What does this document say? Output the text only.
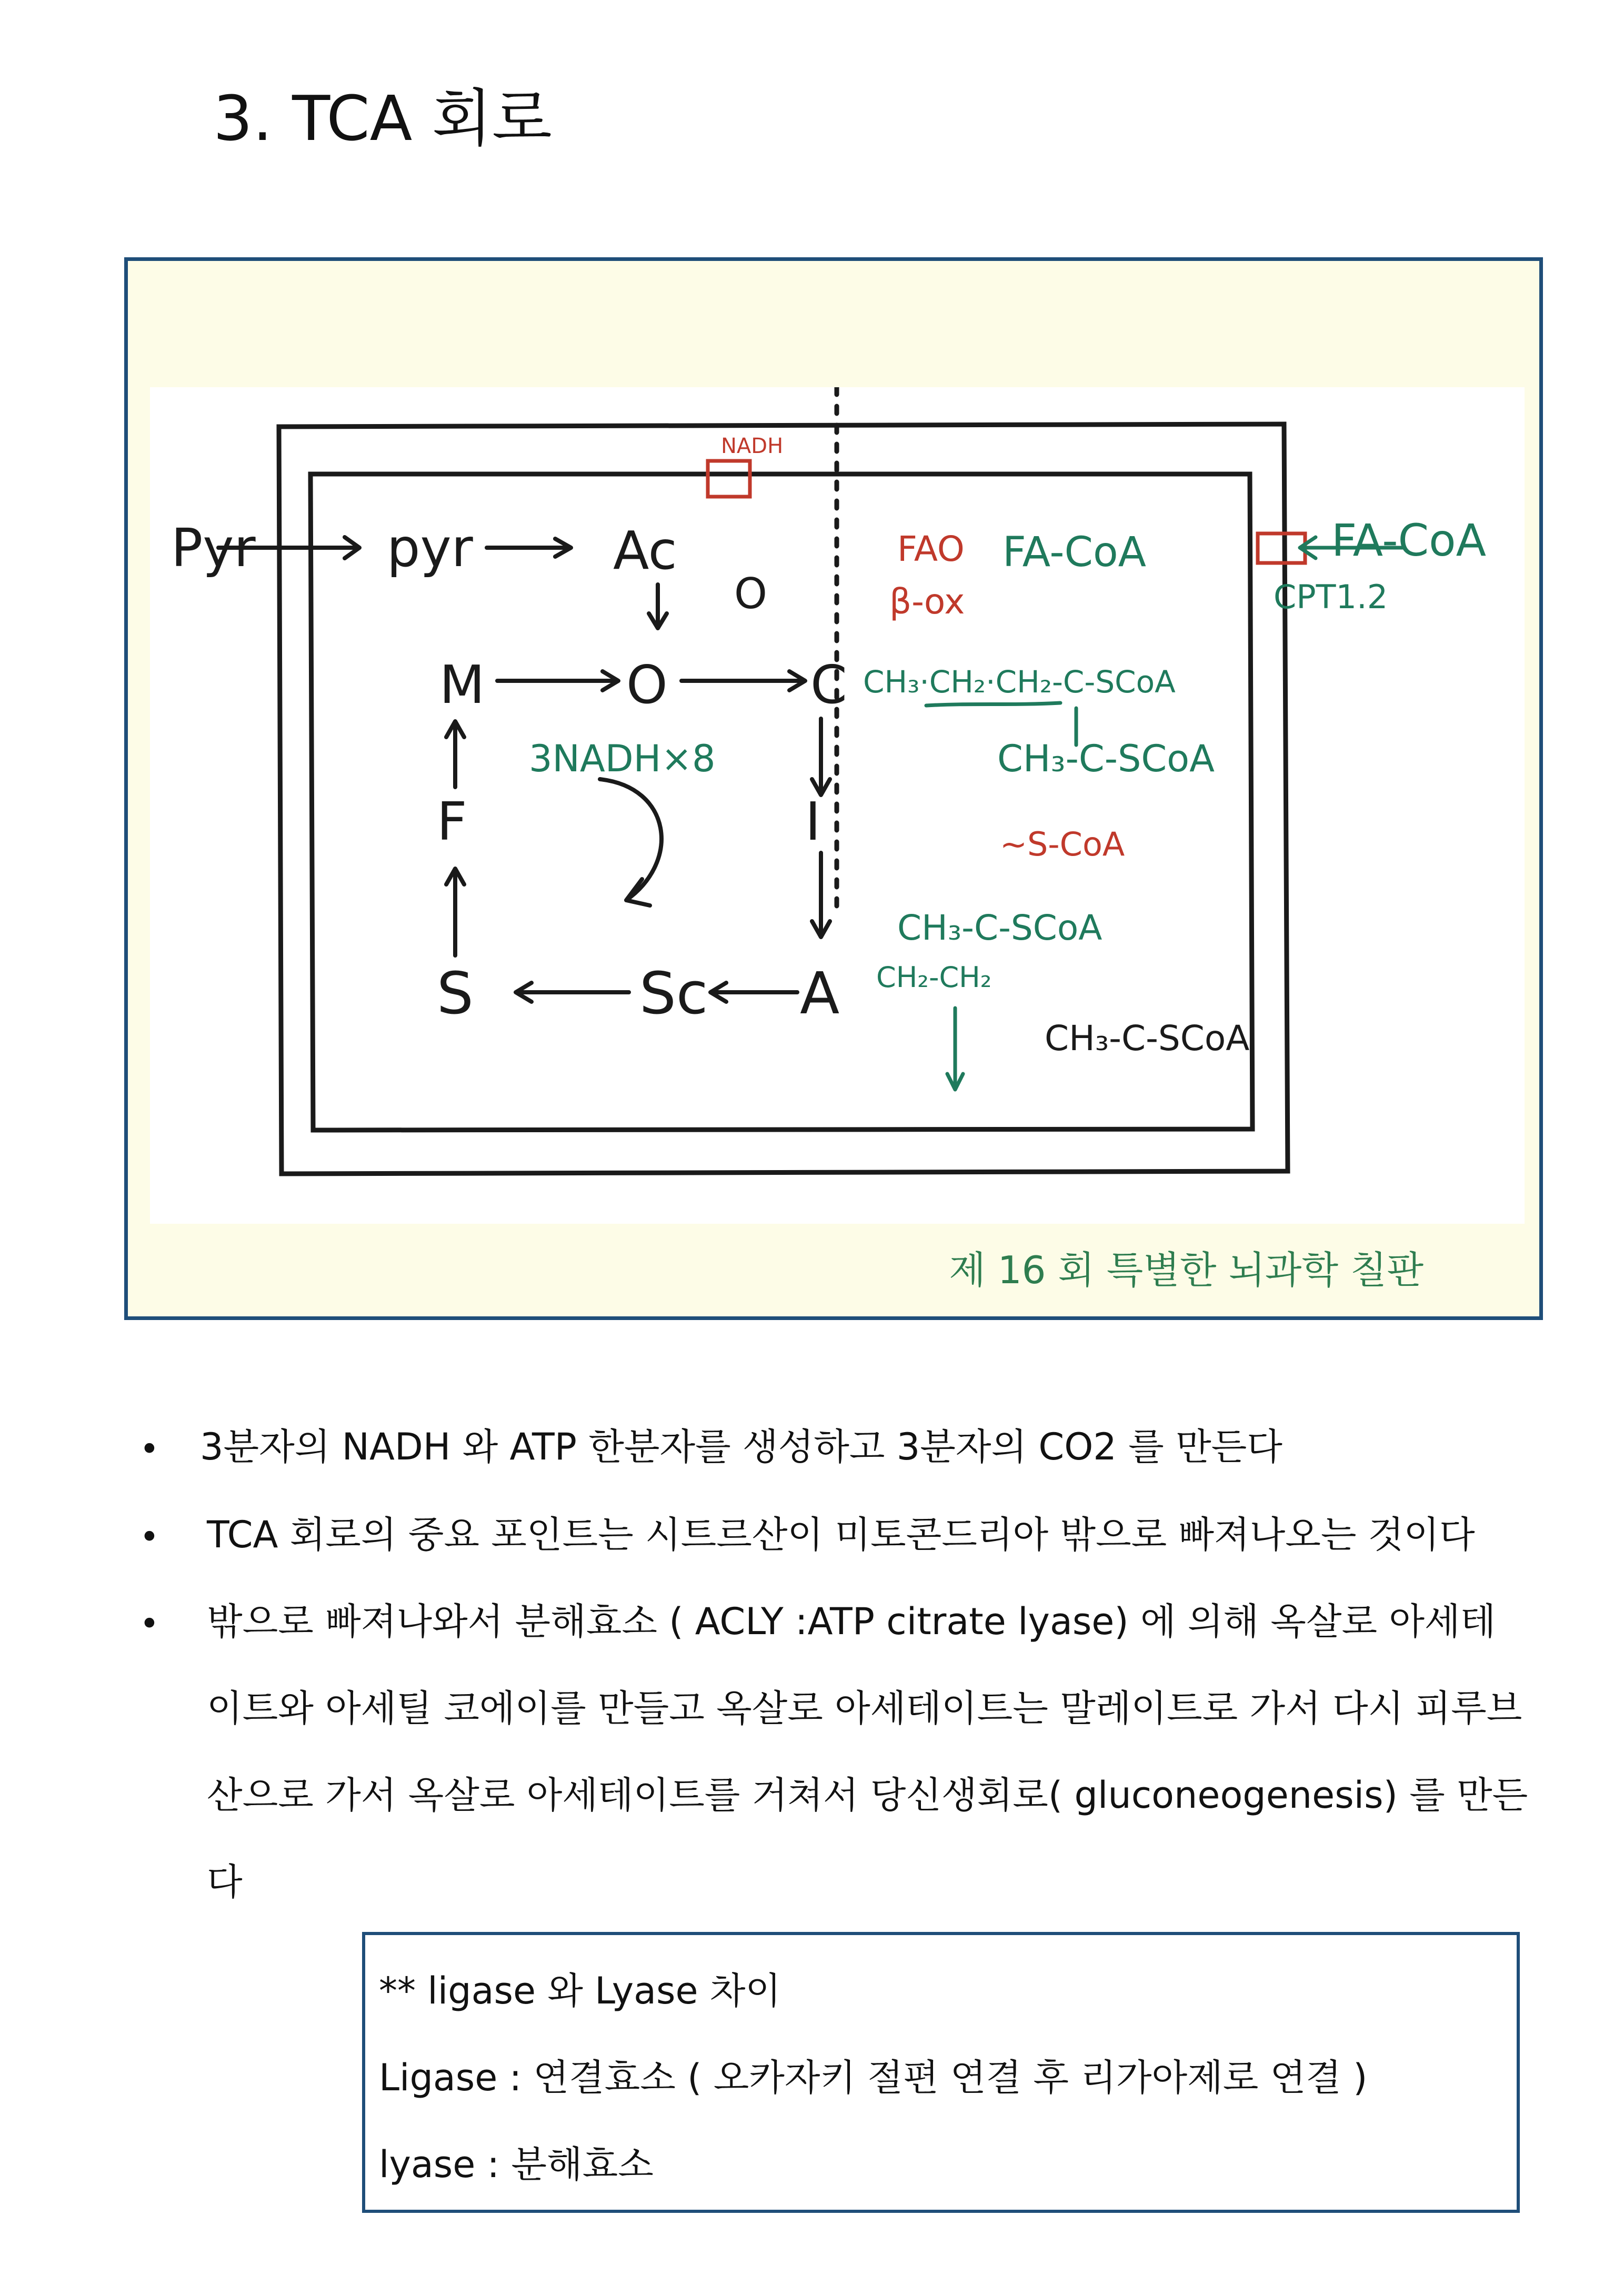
3. TCA 회로
Pyr pyr	Ac
O
M	O	C
F	I
S	Sc A
3NADH×8
FA-CoA	FA-CoA
CPT1.2
CH₃·CH₂·CH₂-C-SCoA
CH₃-C-SCoA
CH₃-C-SCoA
CH₂-CH₂
CH₃-C-SCoA
NADH
FAO
β-ox
~S-CoA
제 16 회 특별한 뇌과학 칠판
• 3분자의 NADH 와 ATP 한분자를 생성하고 3분자의 CO2 를 만든다
• TCA 회로의 중요 포인트는 시트르산이 미토콘드리아 밖으로 빠져나오는 것이다
• 밖으로 빠져나와서 분해효소 ( ACLY :ATP citrate lyase) 에 의해 옥살로 아세테
이트와 아세틸 코에이를 만들고 옥살로 아세테이트는 말레이트로 가서 다시 피루브
산으로 가서 옥살로 아세테이트를 거쳐서 당신생회로( gluconeogenesis) 를 만든
다
** ligase 와 Lyase 차이
Ligase : 연결효소 ( 오카자키 절편 연결 후 리가아제로 연결 )
lyase : 분해효소
